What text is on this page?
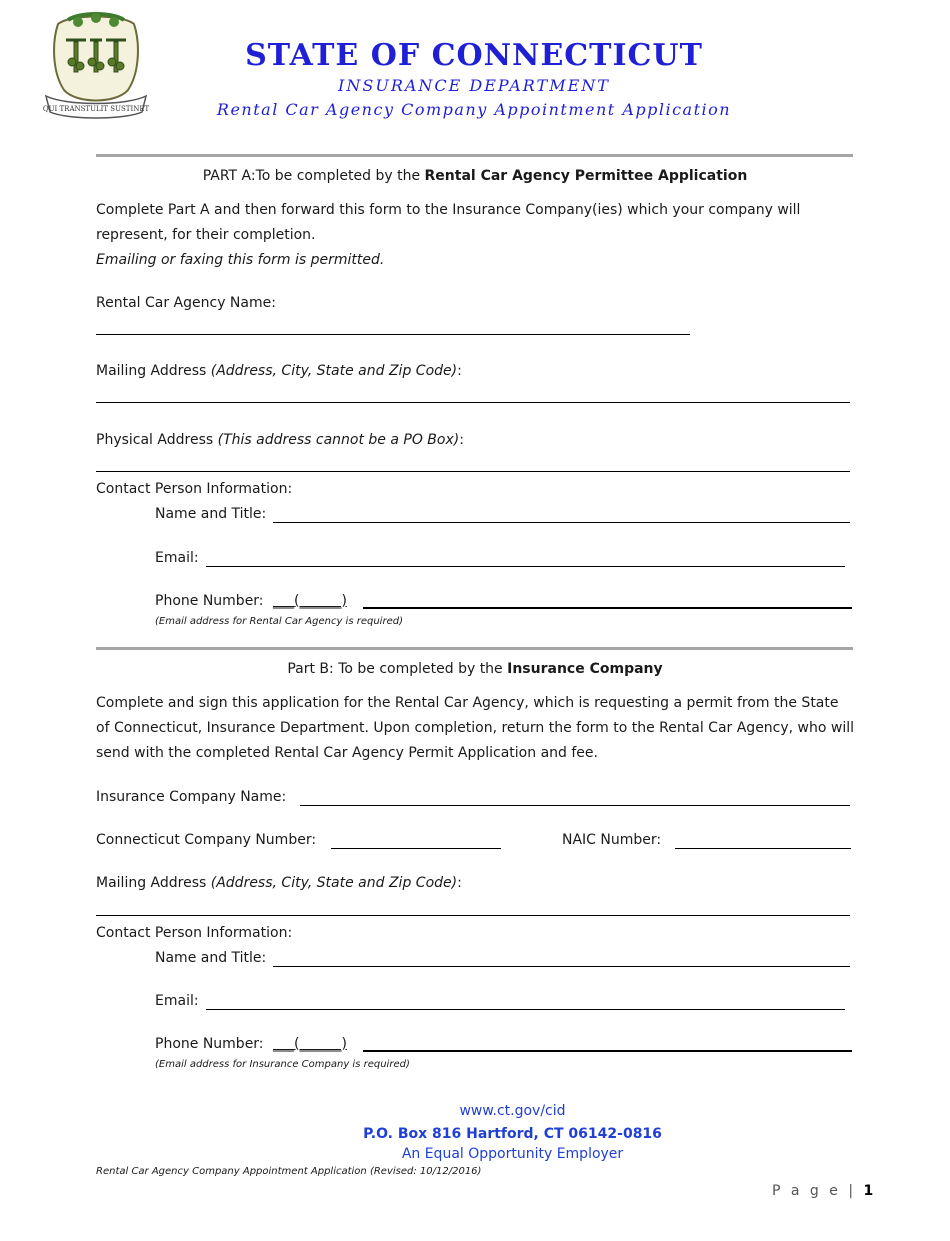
QUI TRANSTULIT SUSTINET
STATE OF CONNECTICUT
INSURANCE DEPARTMENT
Rental Car Agency Company Appointment Application
PART A:To be completed by the Rental Car Agency Permittee Application
Complete Part A and then forward this form to the Insurance Company(ies) which your company will represent, for their completion.
Emailing or faxing this form is permitted.
Rental Car Agency Name:
Mailing Address (Address, City, State and Zip Code):
Physical Address (This address cannot be a PO Box):
Contact Person Information:
Name and Title:
Email:
Phone Number: ___(______)
(Email address for Rental Car Agency is required)
Part B: To be completed by the Insurance Company
Complete and sign this application for the Rental Car Agency, which is requesting a permit from the State of Connecticut, Insurance Department. Upon completion, return the form to the Rental Car Agency, who will send with the completed Rental Car Agency Permit Application and fee.
Insurance Company Name:
Connecticut Company Number:	NAIC Number:
Mailing Address (Address, City, State and Zip Code):
Contact Person Information:
Name and Title:
Email:
Phone Number: ___(______)
(Email address for Insurance Company is required)
www.ct.gov/cid
P.O. Box 816 Hartford, CT 06142-0816
An Equal Opportunity Employer
Rental Car Agency Company Appointment Application (Revised: 10/12/2016)
P a g e | 1
